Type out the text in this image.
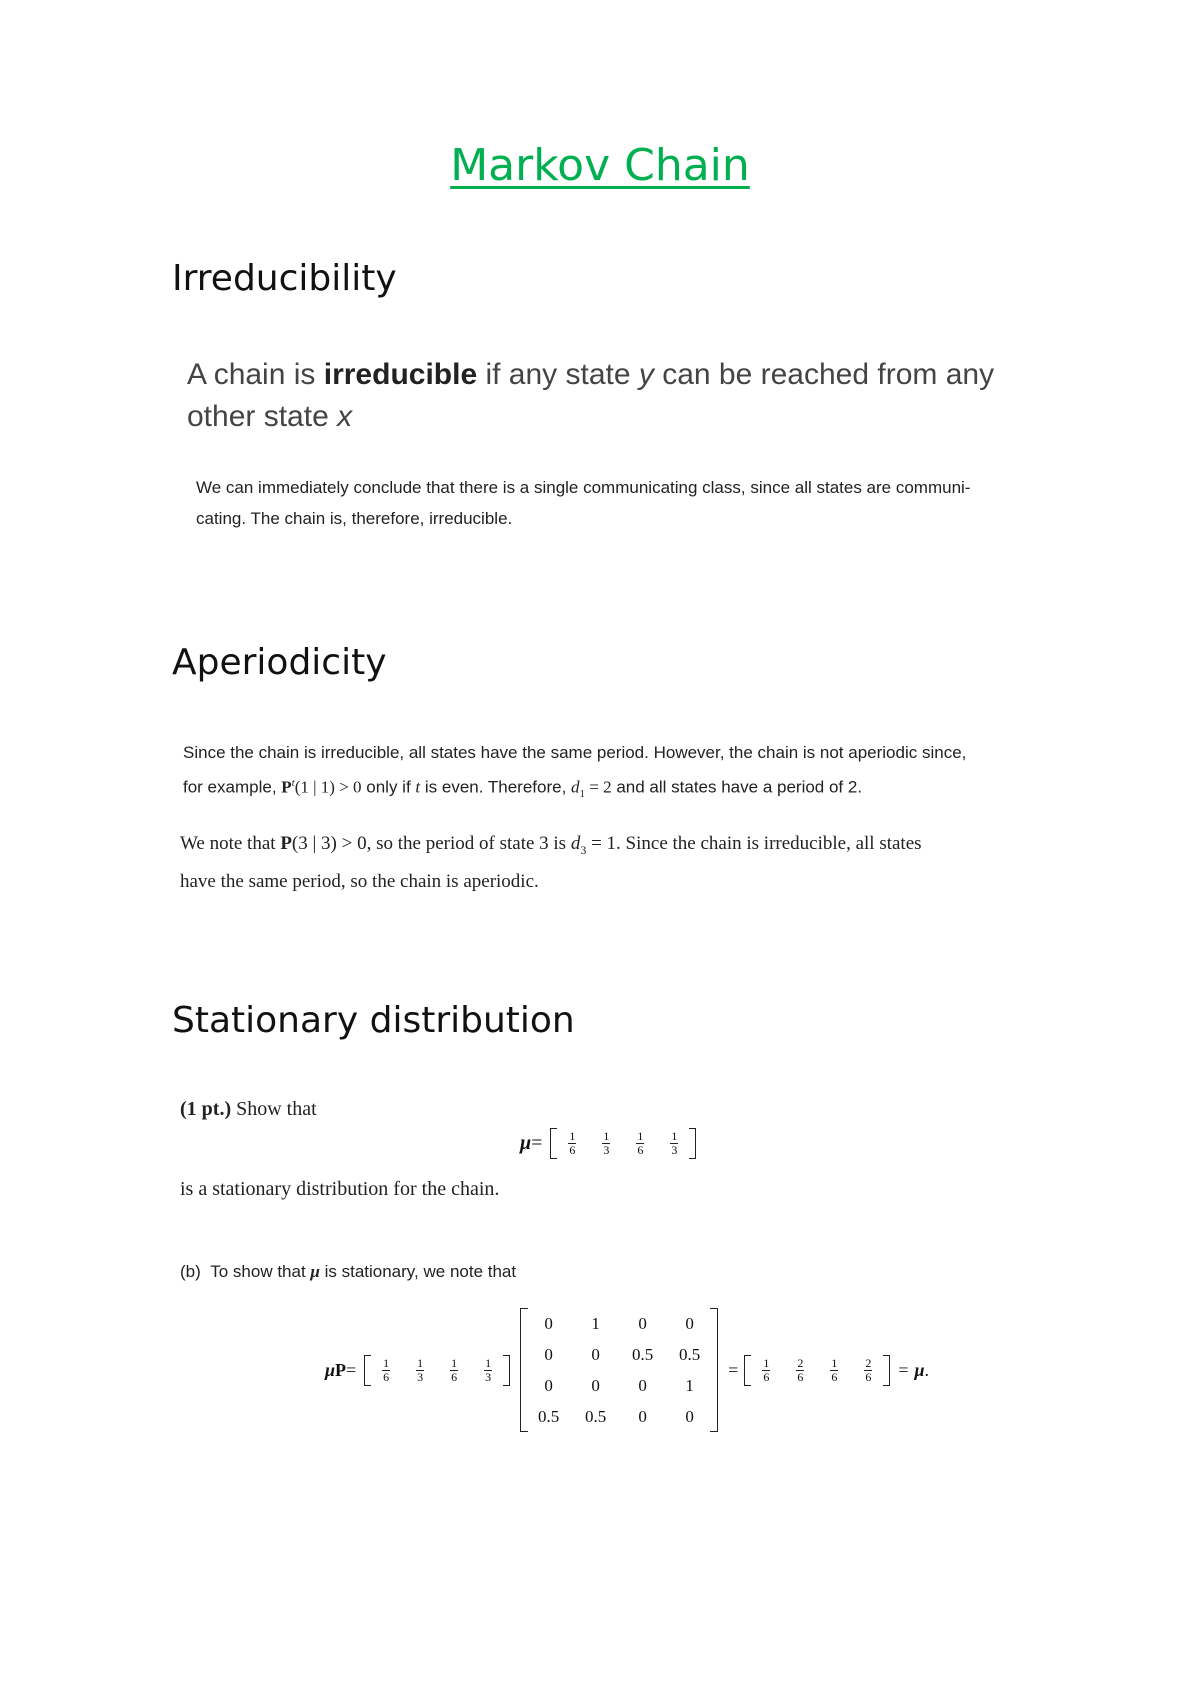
Markov Chain
Irreducibility
A chain is irreducible if any state y can be reached from any
other state x
We can immediately conclude that there is a single communicating class, since all states are communi-
cating. The chain is, therefore, irreducible.
Aperiodicity
Since the chain is irreducible, all states have the same period. However, the chain is not aperiodic since,
for example, $P^t(1$ | 1) > 0 only if t is even. Therefore, $d_1 = 2$ and all states have a period of 2.
We note that P(3 | 3) > 0, so the period of state 3 is $d_3 = 1$. Since the chain is irreducible, all states
have the same period, so the chain is aperiodic.
Stationary distribution
(1 pt.) Show that
$\mu = \frac{1}{6} \frac{1}{3} \frac{1}{6} \frac{1}{3}$
is a stationary distribution for the chain.
(b) To show that μ is stationary, we note that
$\mu P = \frac{1}{6} \frac{1}{3} \frac{1}{6} \frac{1}{3}$
0	1	0	0
0	0	0.5	0.5
0	0	0	1
0.5	0.5	0	0
= $\frac{1}{6} \frac{2}{6} \frac{1}{6} \frac{2}{6} = \mu$ .
